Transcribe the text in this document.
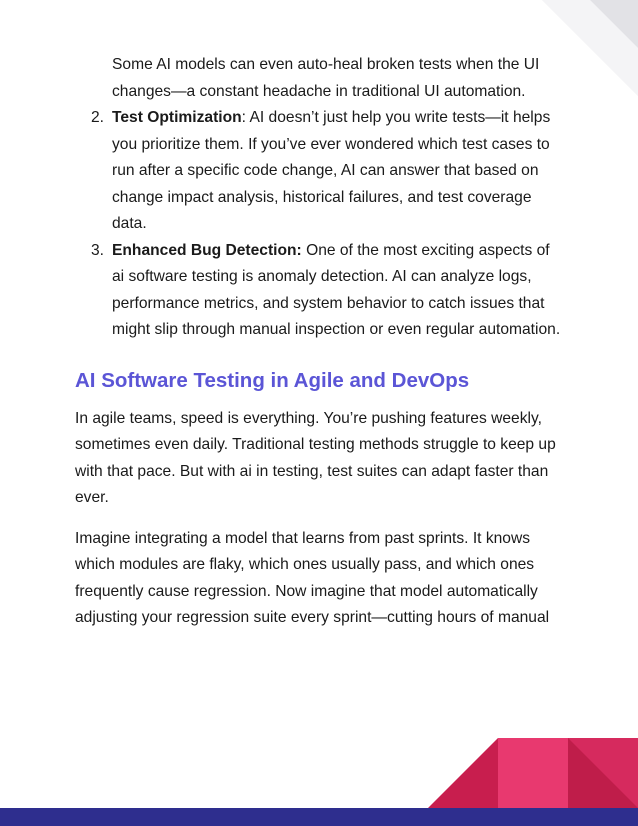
Some AI models can even auto-heal broken tests when the UI changes—a constant headache in traditional UI automation.

2. Test Optimization: AI doesn’t just help you write tests—it helps you prioritize them. If you’ve ever wondered which test cases to run after a specific code change, AI can answer that based on change impact analysis, historical failures, and test coverage data.
3. Enhanced Bug Detection: One of the most exciting aspects of ai software testing is anomaly detection. AI can analyze logs, performance metrics, and system behavior to catch issues that might slip through manual inspection or even regular automation.
AI Software Testing in Agile and DevOps

In agile teams, speed is everything. You’re pushing features weekly, sometimes even daily. Traditional testing methods struggle to keep up with that pace. But with ai in testing, test suites can adapt faster than ever.

Imagine integrating a model that learns from past sprints. It knows which modules are flaky, which ones usually pass, and which ones frequently cause regression. Now imagine that model automatically adjusting your regression suite every sprint—cutting hours of manual
